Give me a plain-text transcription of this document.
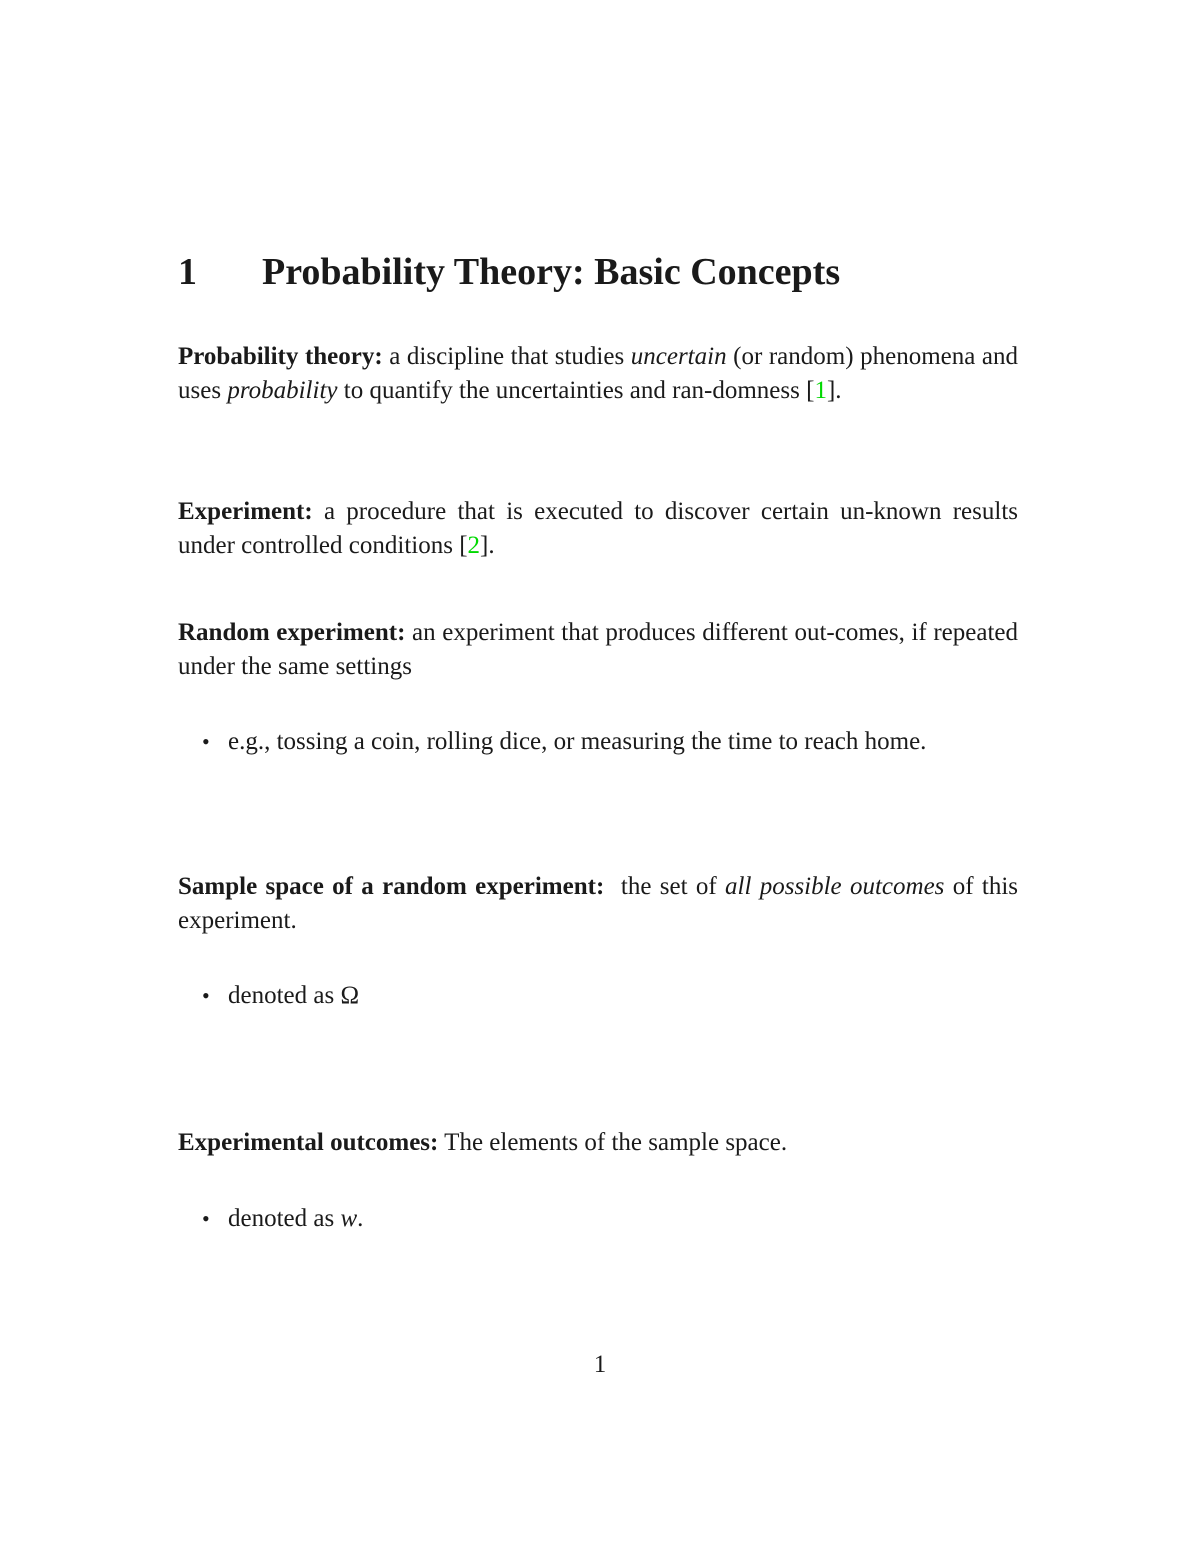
1 Probability Theory: Basic Concepts

Probability theory: a discipline that studies uncertain (or random) phenomena and uses probability to quantify the uncertainties and ran-domness [1].

Experiment: a procedure that is executed to discover certain un-known results under controlled conditions [2].

Random experiment: an experiment that produces different out-comes, if repeated under the same settings

• e.g., tossing a coin, rolling dice, or measuring the time to reach home.

Sample space of a random experiment:  the set of all possible outcomes of this experiment.

• denoted as Ω

Experimental outcomes: The elements of the sample space.

• denoted as w.

1
